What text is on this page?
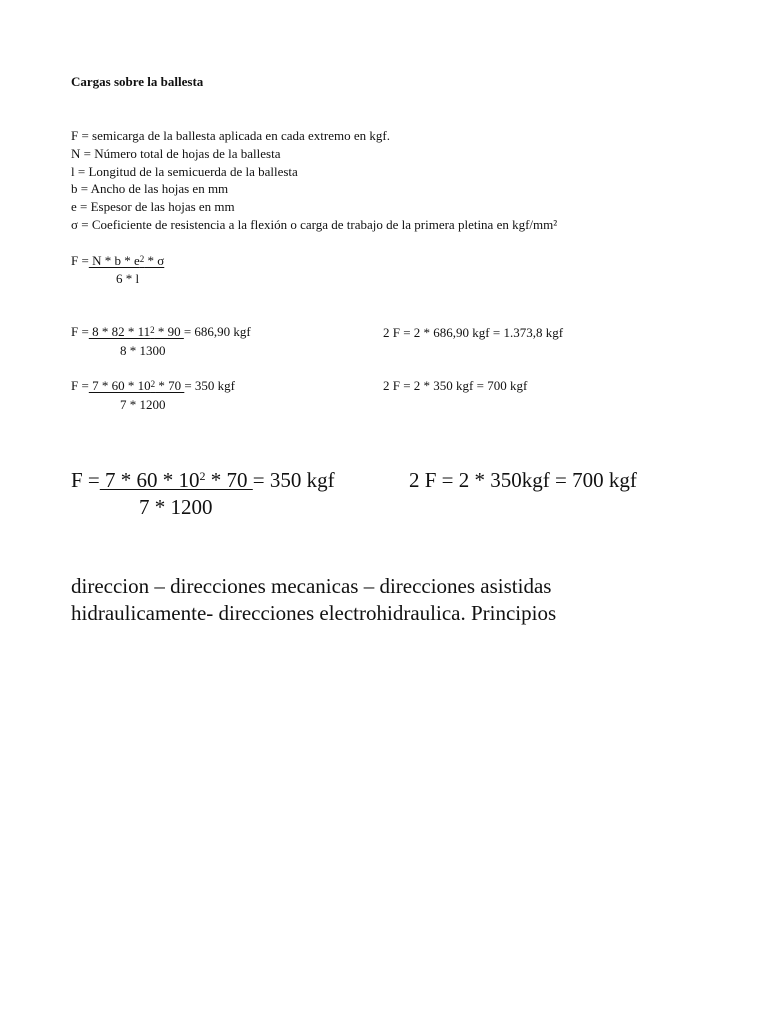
Cargas sobre la ballesta
F = semicarga de la ballesta aplicada en cada extremo en kgf.
N = Número total de hojas de la ballesta
l = Longitud de la semicuerda de la ballesta
b = Ancho de las hojas en mm
e = Espesor de las hojas en mm
σ = Coeficiente de resistencia a la flexión o carga de trabajo de la primera pletina en kgf/mm²
$F = N * b * e^2 * \sigma$
6 * l
$F = 8 * 82 * 11^2 * 90 = 686,90$ kgf
8 * 1300
2 F = 2 * 686,90 kgf = 1.373,8 kgf
$F = 7 * 60 * 10^2 * 70 = 350$ kgf
7 * 1200
2 F = 2 * 350 kgf = 700 kgf
$F = 7 * 60 * 10^2 * 70 = 350$ kgf
7 * 1200
2 F = 2 * 350kgf = 700 kgf
direccion – direcciones mecanicas – direcciones asistidas
hidraulicamente- direcciones electrohidraulica. Principios
